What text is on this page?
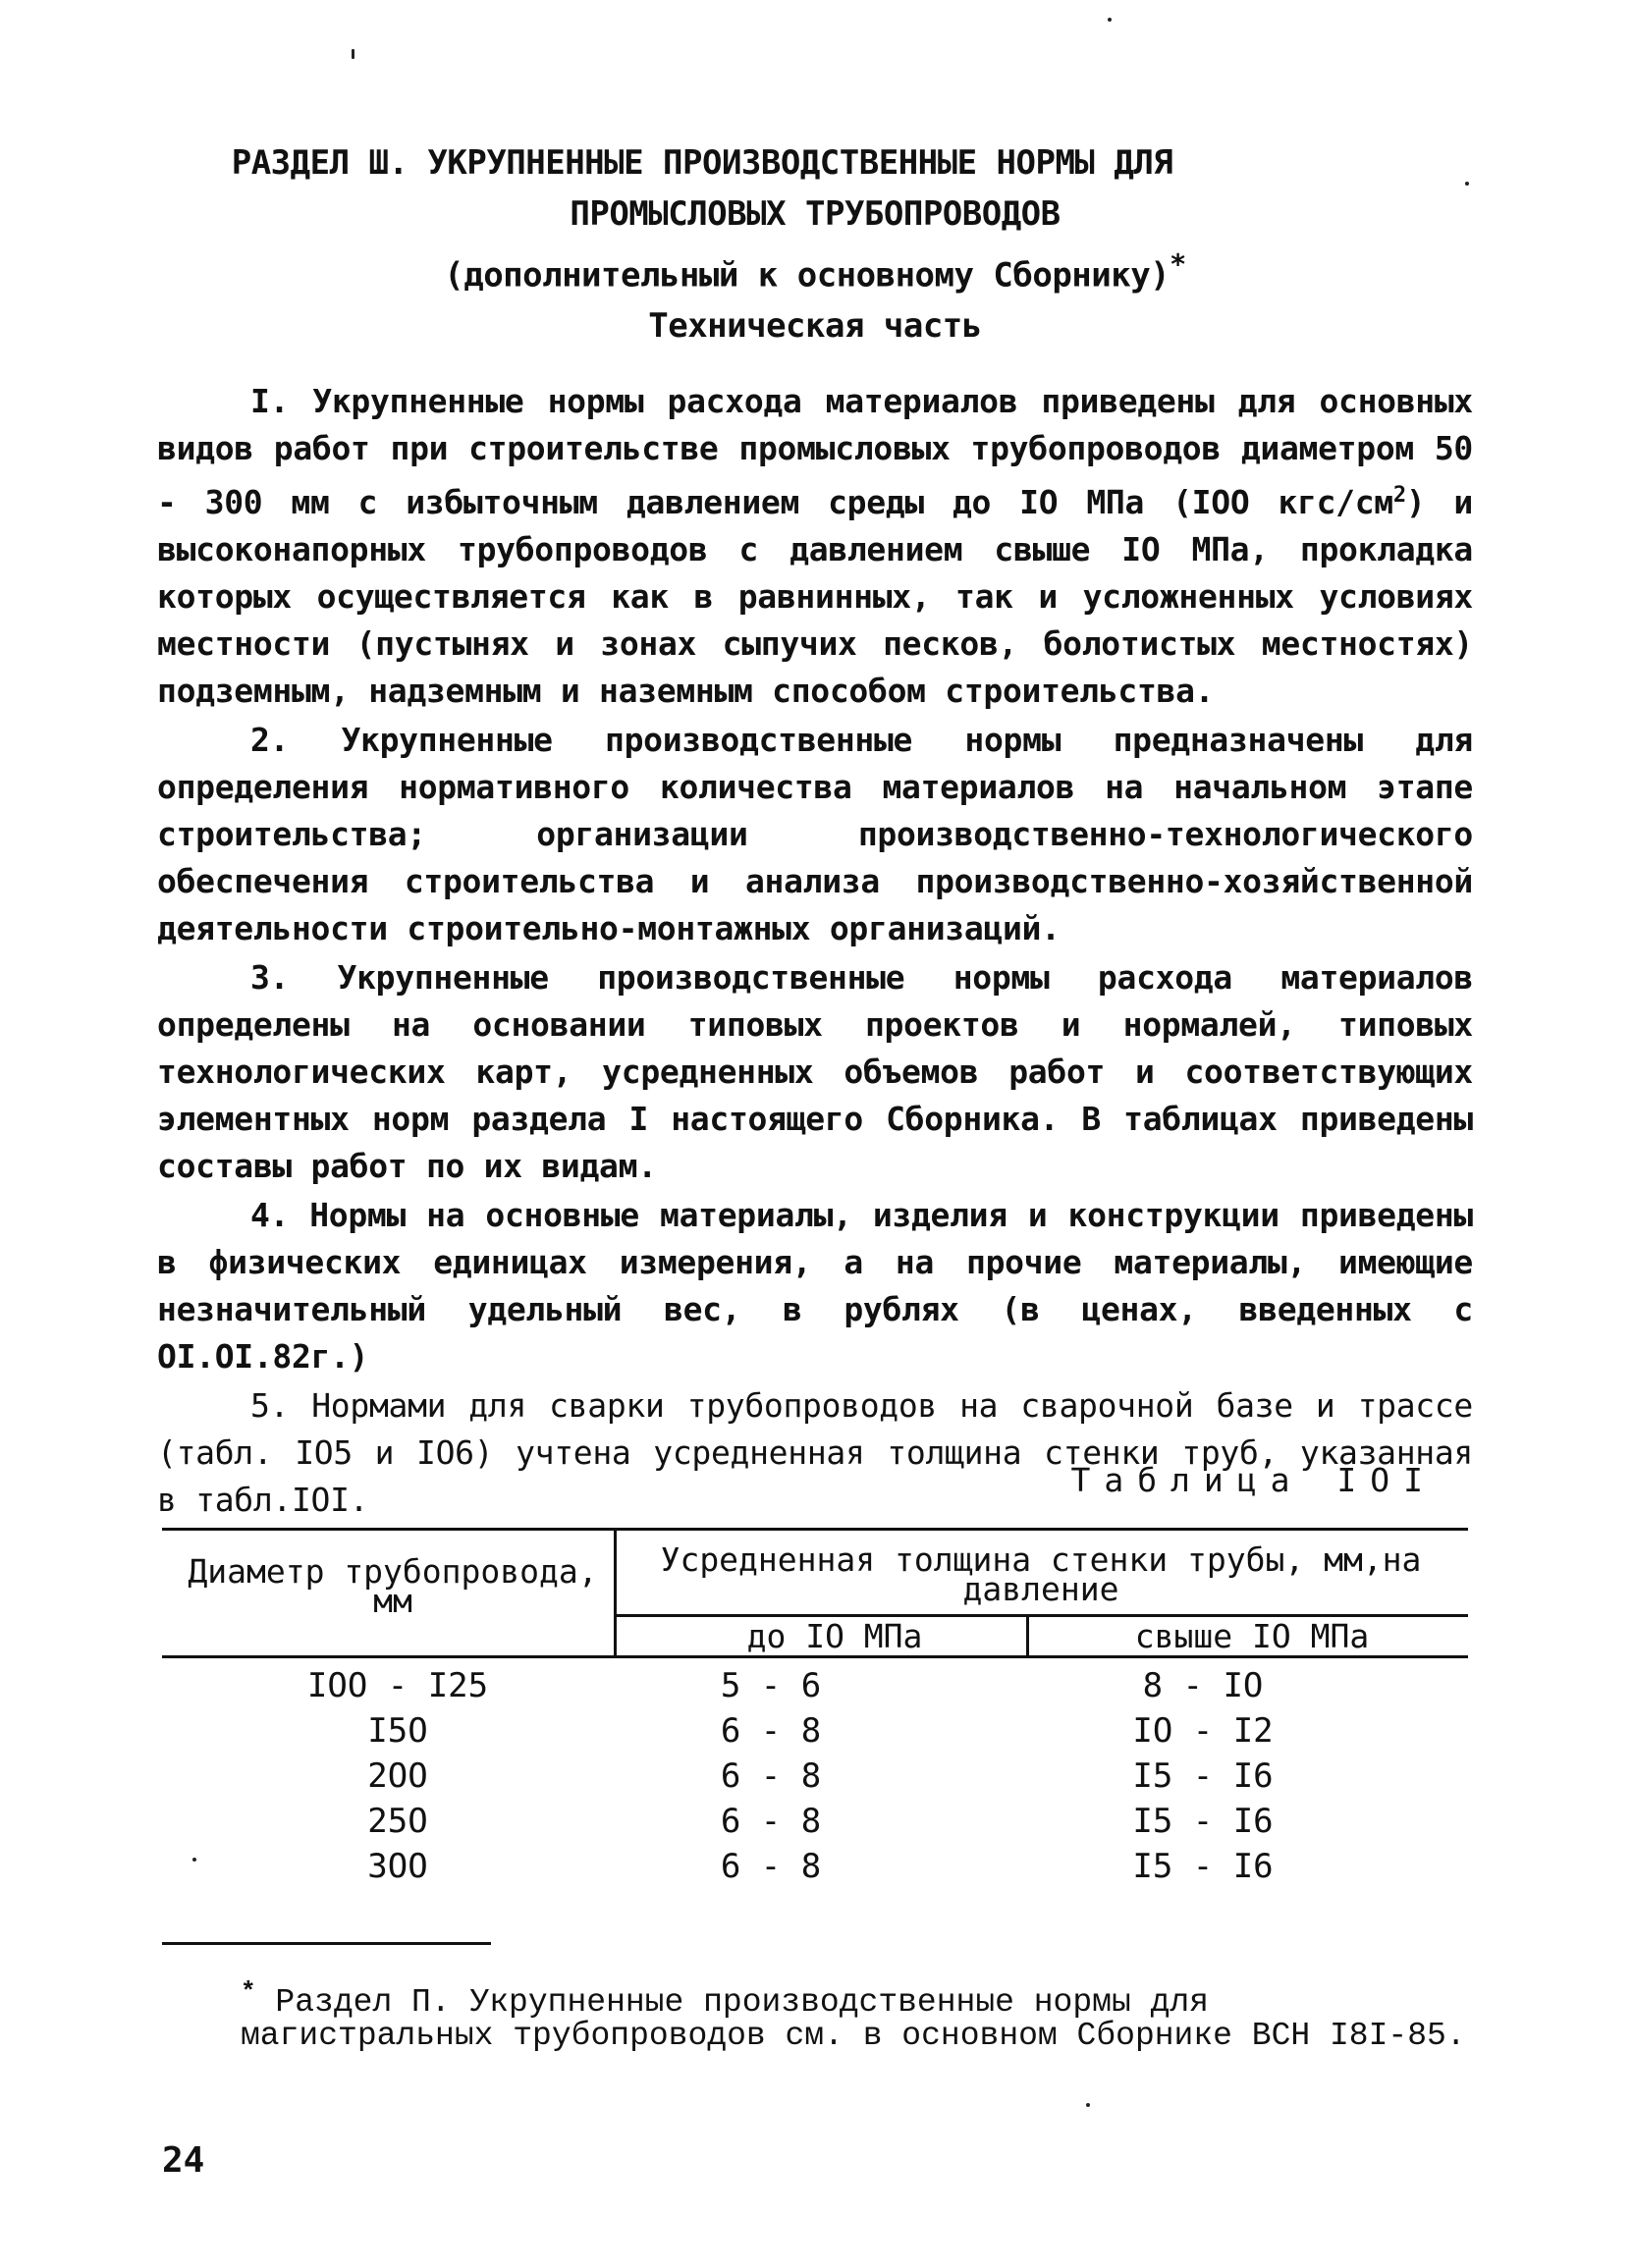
РАЗДЕЛ Ш. УКРУПНЕННЫЕ ПРОИЗВОДСТВЕННЫЕ НОРМЫ ДЛЯ
ПРОМЫСЛОВЫХ ТРУБОПРОВОДОВ
(дополнительный к основному Сборнику)*
Техническая часть

I. Укрупненные нормы расхода материалов приведены для основных видов работ при строительстве промысловых трубопроводов диаметром 50 - 300 мм с избыточным давлением среды до IO МПа (IOO кгс/$см^2$) и высоконапорных трубопроводов с давлением свыше IO МПа, прокладка которых осуществляется как в равнинных, так и усложненных условиях местности (пустынях и зонах сыпучих песков, болотистых местностях) подземным, надземным и наземным способом строительства.

2. Укрупненные производственные нормы предназначены для определения нормативного количества материалов на начальном этапе строительства; организации производственно-технологического обеспечения строительства и анализа производственно-хозяйственной деятельности строительно-монтажных организаций.

3. Укрупненные производственные нормы расхода материалов определены на основании типовых проектов и нормалей, типовых технологических карт, усредненных объемов работ и соответствующих элементных норм раздела I настоящего Сборника. В таблицах приведены составы работ по их видам.

4. Нормы на основные материалы, изделия и конструкции приведены в физических единицах измерения, а на прочие материалы, имеющие незначительный удельный вес, в рублях (в ценах, введенных с OI.OI.82г.)

5. Нормами для сварки трубопроводов на сварочной базе и трассе (табл. IO5 и IO6) учтена усредненная толщина стенки труб, указанная в табл.IOI.

Таблица IOI
Диаметр трубопровода, мм
Усредненная толщина стенки трубы, мм,на давление
до IO МПа	свыше IO МПа
IOO - I25	5 - 6	8 - IO
I5O	6 - 8	IO - I2
2OO	6 - 8	I5 - I6
25O	6 - 8	I5 - I6
3OO	6 - 8	I5 - I6
* Раздел П. Укрупненные производственные нормы для магистральных трубопроводов см. в основном Сборнике ВСН I8I-85.
24
